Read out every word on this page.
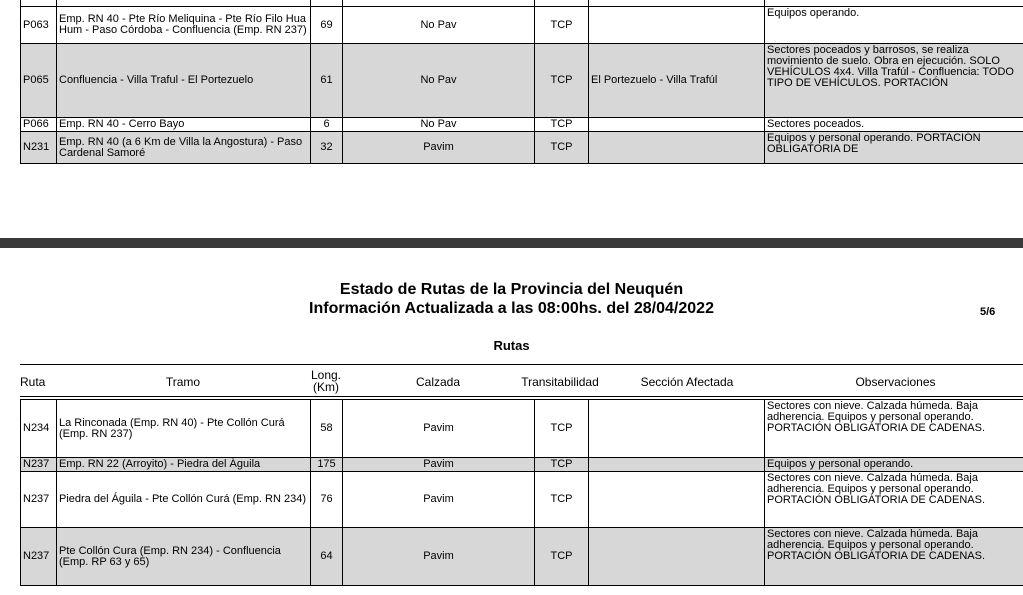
P063	Emp. RN 40 - Pte Río Meliquina - Pte Río Filo Hua Hum - Paso Córdoba - Confluencia (Emp. RN 237)	69	No Pav	TCP		Equipos operando.
P065	Confluencia - Villa Traful - El Portezuelo	61	No Pav	TCP	El Portezuelo - Villa Trafúl	Sectores poceados y barrosos, se realiza movimiento de suelo. Obra en ejecución. SOLO VEHÍCULOS 4x4. Villa Trafúl - Confluencia: TODO TIPO DE VEHÍCULOS. PORTACIÓN
P066	Emp. RN 40 - Cerro Bayo	6	No Pav	TCP		Sectores poceados.
N231	Emp. RN 40 (a 6 Km de Villa la Angostura) - Paso Cardenal Samoré	32	Pavim	TCP		Equipos y personal operando. PORTACIÓN OBLIGATORIA DE
Estado de Rutas de la Provincia del Neuquén
Información Actualizada a las 08:00hs. del 28/04/2022	5/6
Rutas
Ruta	Tramo	Long. (Km)	Calzada	Transitabilidad	Sección Afectada	Observaciones
N234	La Rinconada (Emp. RN 40) - Pte Collón Curá (Emp. RN 237)	58	Pavim	TCP		Sectores con nieve. Calzada húmeda. Baja adherencia. Equipos y personal operando. PORTACIÓN OBLIGATORIA DE CADENAS.
N237	Emp. RN 22 (Arroyito) - Piedra del Águila	175	Pavim	TCP		Equipos y personal operando.
N237	Piedra del Águila - Pte Collón Curá (Emp. RN 234)	76	Pavim	TCP		Sectores con nieve. Calzada húmeda. Baja adherencia. Equipos y personal operando. PORTACIÓN OBLIGATORIA DE CADENAS.
N237	Pte Collón Cura (Emp. RN 234) - Confluencia (Emp. RP 63 y 65)	64	Pavim	TCP		Sectores con nieve. Calzada húmeda. Baja adherencia. Equipos y personal operando. PORTACIÓN OBLIGATORIA DE CADENAS.
